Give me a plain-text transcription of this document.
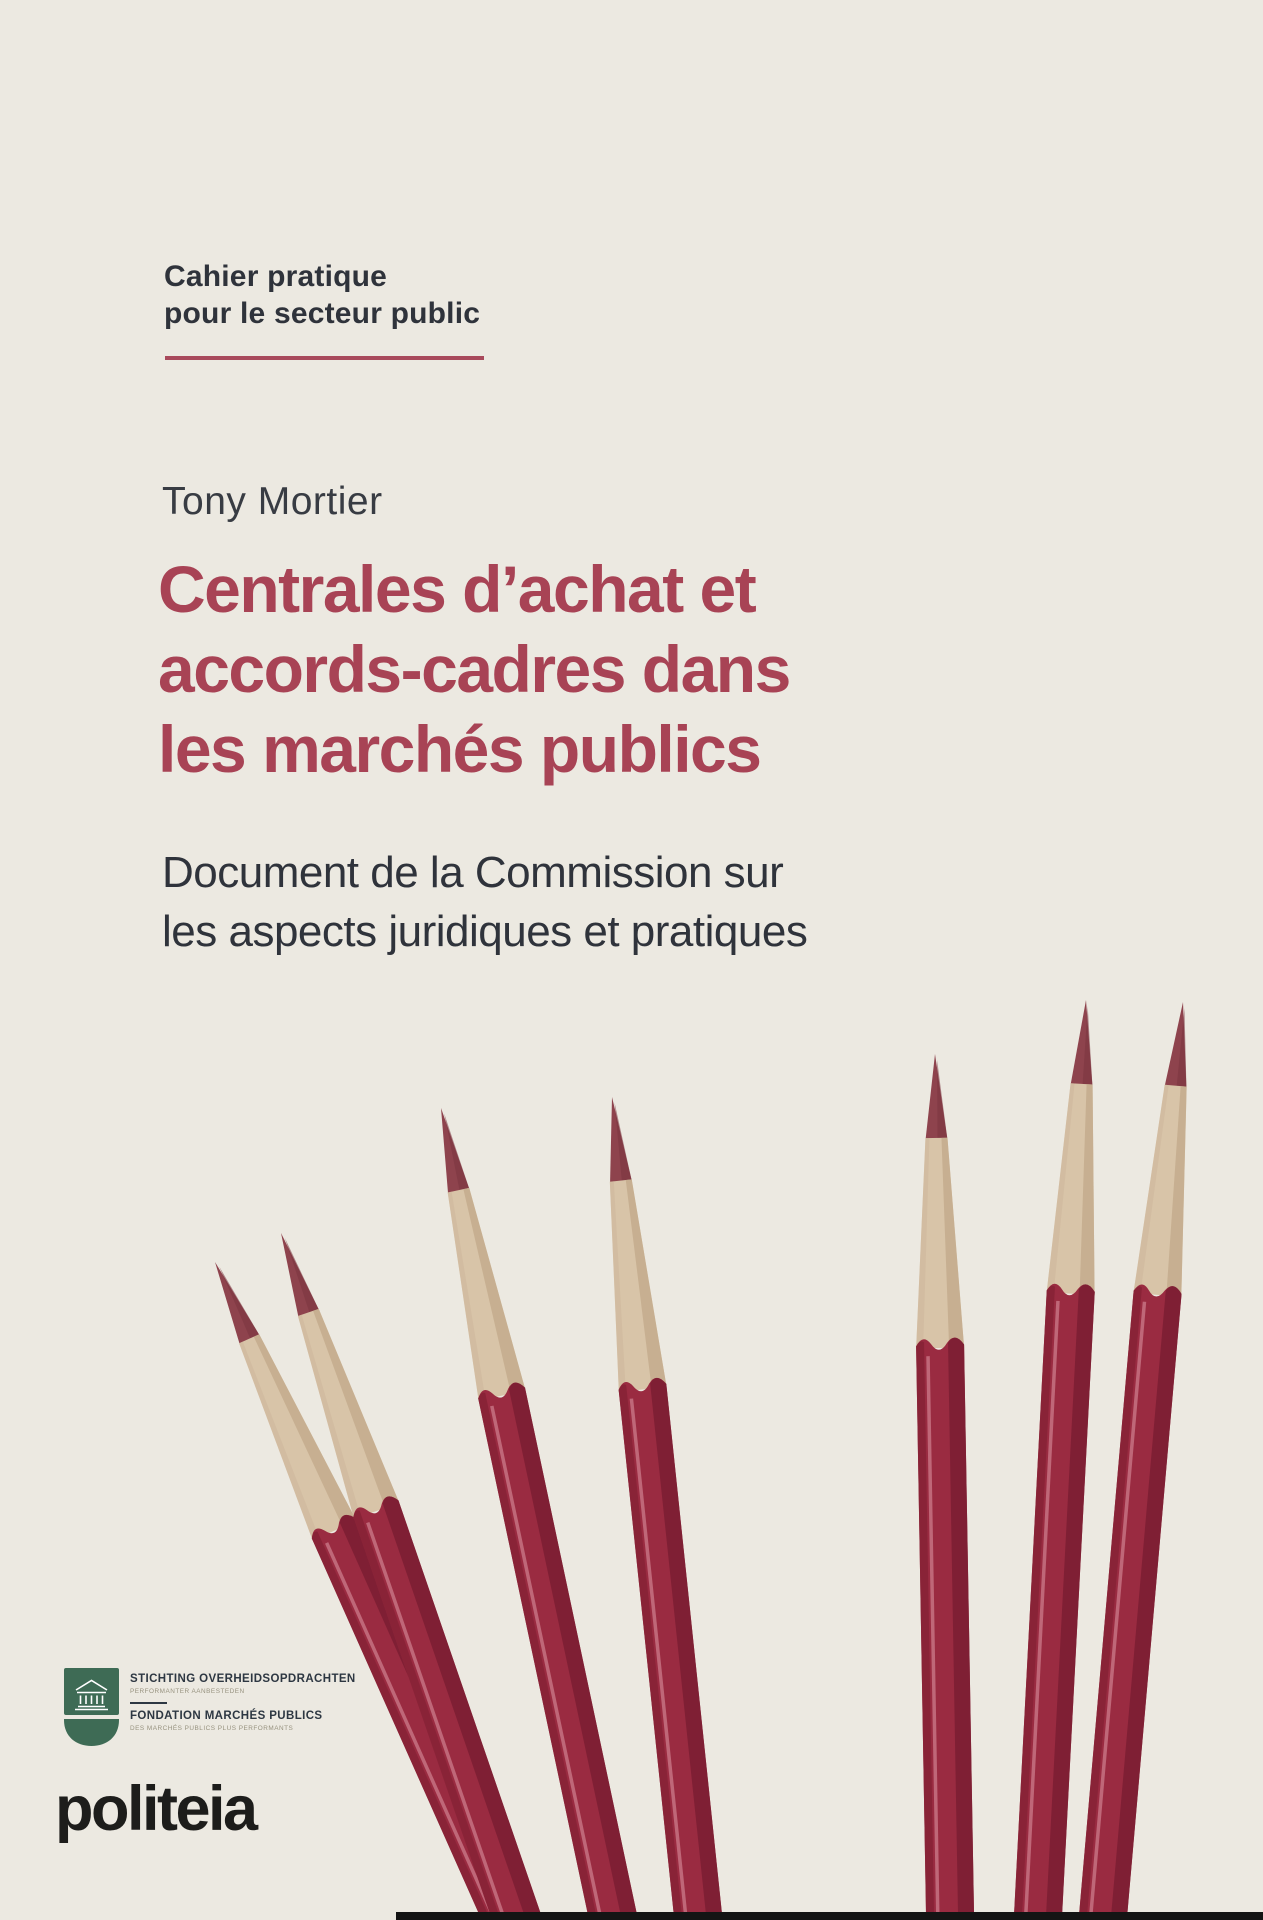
Cahier pratique
pour le secteur public
Tony Mortier
Centrales d’achat et
accords-cadres dans
les marchés publics
Document de la Commission sur
les aspects juridiques et pratiques
STICHTING OVERHEIDSOPDRACHTEN
PERFORMANTER AANBESTEDEN
FONDATION MARCHÉS PUBLICS
DES MARCHÉS PUBLICS PLUS PERFORMANTS
politeia
